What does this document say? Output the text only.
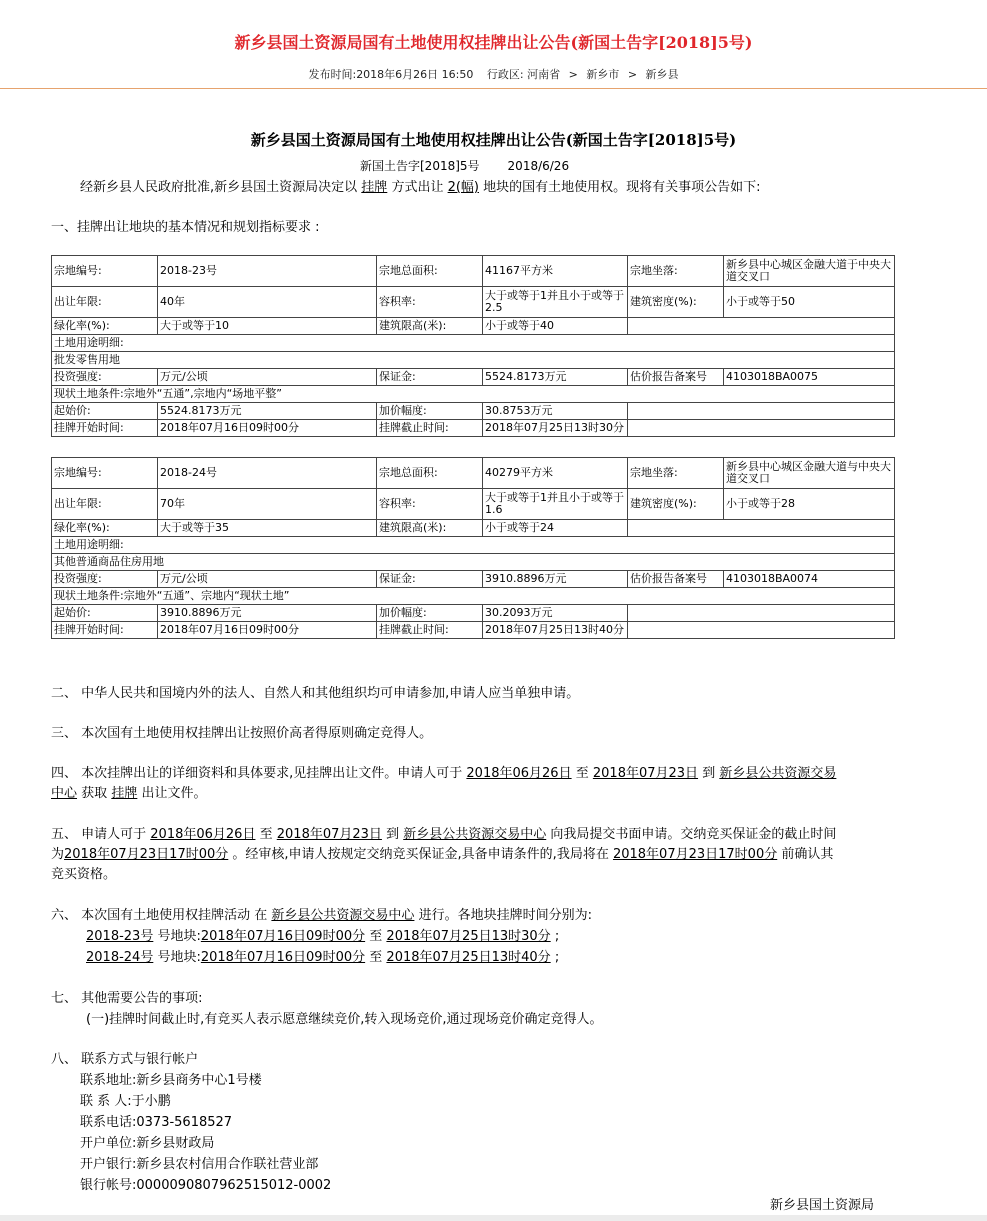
新乡县国土资源局国有土地使用权挂牌出让公告(新国土告字[2018]5号)
发布时间:2018年6月26日 16:50 行政区: 河南省 > 新乡市 > 新乡县
新乡县国土资源局国有土地使用权挂牌出让公告(新国土告字[2018]5号)
新国土告字[2018]5号 2018/6/26
经新乡县人民政府批准,新乡县国土资源局决定以 挂牌 方式出让 2(幅) 地块的国有土地使用权。现将有关事项公告如下:
一、挂牌出让地块的基本情况和规划指标要求 :
宗地编号:	2018-23号	宗地总面积:	41167平方米	宗地坐落:	新乡县中心城区金融大道于中央大道交叉口
出让年限:	40年	容积率:	大于或等于1并且小于或等于2.5	建筑密度(%):	小于或等于50
绿化率(%):	大于或等于10	建筑限高(米):	小于或等于40		
土地用途明细:					
批发零售用地					
投资强度:	万元/公顷	保证金:	5524.8173万元	估价报告备案号	4103018BA0075
现状土地条件:宗地外“五通”,宗地内“场地平整”					
起始价:	5524.8173万元	加价幅度:	30.8753万元		
挂牌开始时间:	2018年07月16日09时00分	挂牌截止时间:	2018年07月25日13时30分		
宗地编号:	2018-24号	宗地总面积:	40279平方米	宗地坐落:	新乡县中心城区金融大道与中央大道交叉口
出让年限:	70年	容积率:	大于或等于1并且小于或等于1.6	建筑密度(%):	小于或等于28
绿化率(%):	大于或等于35	建筑限高(米):	小于或等于24		
土地用途明细:					
其他普通商品住房用地					
投资强度:	万元/公顷	保证金:	3910.8896万元	估价报告备案号	4103018BA0074
现状土地条件:宗地外“五通”、宗地内“现状土地”					
起始价:	3910.8896万元	加价幅度:	30.2093万元		
挂牌开始时间:	2018年07月16日09时00分	挂牌截止时间:	2018年07月25日13时40分		
二、 中华人民共和国境内外的法人、自然人和其他组织均可申请参加,申请人应当单独申请。
三、 本次国有土地使用权挂牌出让按照价高者得原则确定竞得人。
四、 本次挂牌出让的详细资料和具体要求,见挂牌出让文件。申请人可于 2018年06月26日 至 2018年07月23日 到 新乡县公共资源交易
中心 获取 挂牌 出让文件。
五、 申请人可于 2018年06月26日 至 2018年07月23日 到 新乡县公共资源交易中心 向我局提交书面申请。交纳竞买保证金的截止时间
为2018年07月23日17时00分 。经审核,申请人按规定交纳竞买保证金,具备申请条件的,我局将在 2018年07月23日17时00分 前确认其
竞买资格。
六、 本次国有土地使用权挂牌活动 在 新乡县公共资源交易中心 进行。各地块挂牌时间分别为:
2018-23号 号地块:2018年07月16日09时00分 至 2018年07月25日13时30分 ;
2018-24号 号地块:2018年07月16日09时00分 至 2018年07月25日13时40分 ;
七、 其他需要公告的事项:
(一)挂牌时间截止时,有竞买人表示愿意继续竞价,转入现场竞价,通过现场竞价确定竞得人。
八、 联系方式与银行帐户
联系地址:新乡县商务中心1号楼
联 系 人:于小鹏
联系电话:0373-5618527
开户单位:新乡县财政局
开户银行:新乡县农村信用合作联社营业部
银行帐号:0000090807962515012-0002
新乡县国土资源局
